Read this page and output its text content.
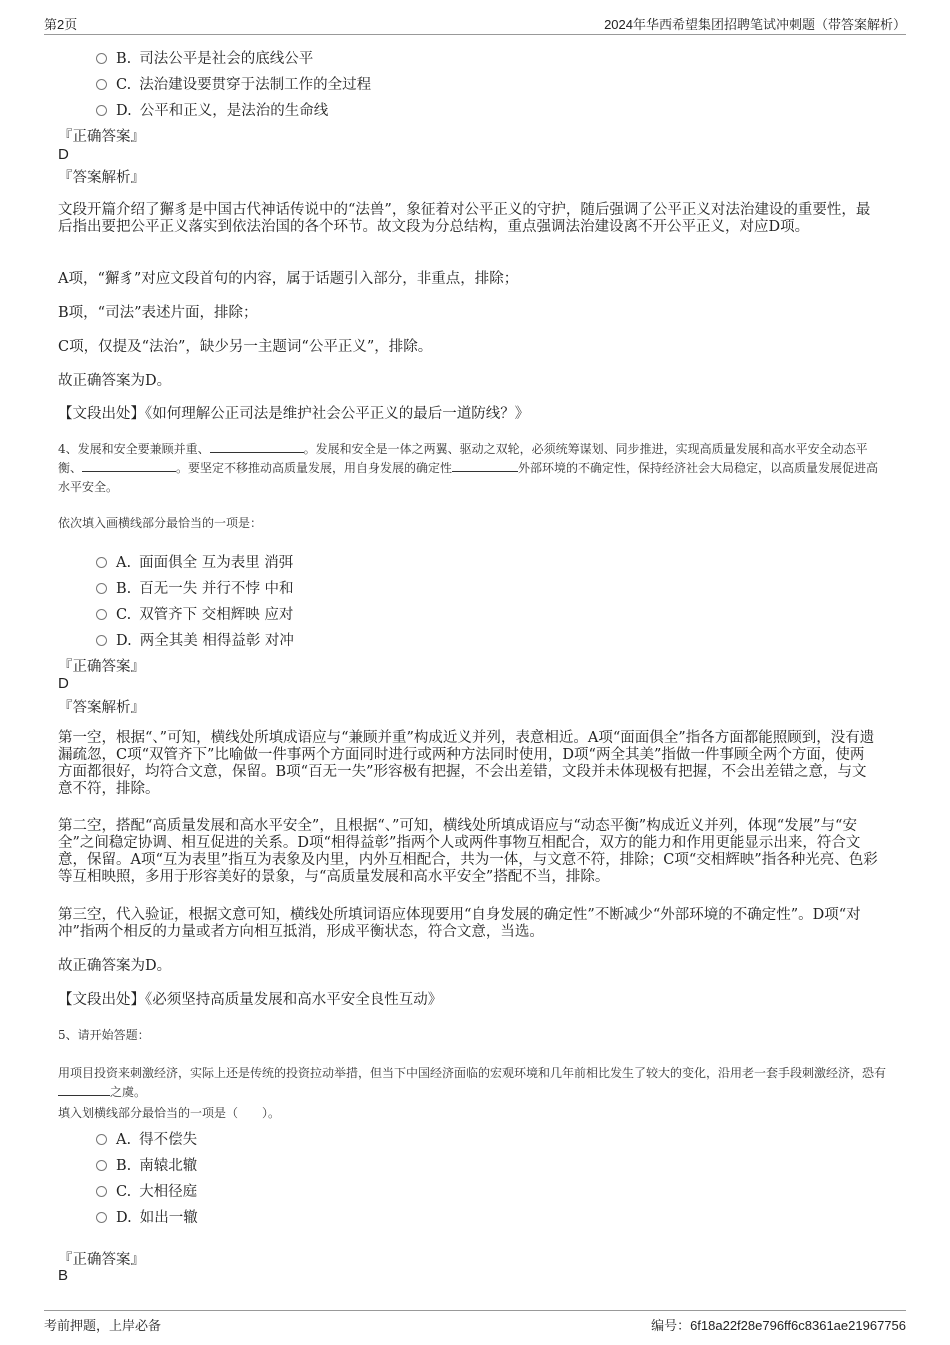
第2页	2024年华西希望集团招聘笔试冲刺题（带答案解析）
B. 司法公平是社会的底线公平
C. 法治建设要贯穿于法制工作的全过程
D. 公平和正义，是法治的生命线
『正确答案』
D
『答案解析』
文段开篇介绍了獬豸是中国古代神话传说中的“法兽”，象征着对公平正义的守护，随后强调了公平正义对法治建设的重要性，最后指出要把公平正义落实到依法治国的各个环节。故文段为分总结构，重点强调法治建设离不开公平正义，对应D项。
A项，“獬豸”对应文段首句的内容，属于话题引入部分，非重点，排除；
B项，“司法”表述片面，排除；
C项，仅提及“法治”，缺少另一主题词“公平正义”，排除。
故正确答案为D。
【文段出处】《如何理解公正司法是维护社会公平正义的最后一道防线？》
4、发展和安全要兼顾并重、	。发展和安全是一体之两翼、驱动之双轮，必须统筹谋划、同步推进，实现高质量发展和高水平安全动态平衡、	。要坚定不移推动高质量发展，用自身发展的确定性	外部环境的不确定性，保持经济社会大局稳定，以高质量发展促进高水平安全。
依次填入画横线部分最恰当的一项是：
A. 面面俱全 互为表里 消弭
B. 百无一失 并行不悖 中和
C. 双管齐下 交相辉映 应对
D. 两全其美 相得益彰 对冲
『正确答案』
D
『答案解析』
第一空，根据“、”可知，横线处所填成语应与“兼顾并重”构成近义并列，表意相近。A项“面面俱全”指各方面都能照顾到，没有遗漏疏忽，C项“双管齐下”比喻做一件事两个方面同时进行或两种方法同时使用，D项“两全其美”指做一件事顾全两个方面，使两方面都很好，均符合文意，保留。B项“百无一失”形容极有把握，不会出差错，文段并未体现极有把握，不会出差错之意，与文意不符，排除。
第二空，搭配“高质量发展和高水平安全”，且根据“、”可知，横线处所填成语应与“动态平衡”构成近义并列，体现“发展”与“安全”之间稳定协调、相互促进的关系。D项“相得益彰”指两个人或两件事物互相配合，双方的能力和作用更能显示出来，符合文意，保留。A项“互为表里”指互为表象及内里，内外互相配合，共为一体，与文意不符，排除；C项“交相辉映”指各种光亮、色彩等互相映照，多用于形容美好的景象，与“高质量发展和高水平安全”搭配不当，排除。
第三空，代入验证，根据文意可知，横线处所填词语应体现要用“自身发展的确定性”不断减少“外部环境的不确定性”。D项“对冲”指两个相反的力量或者方向相互抵消，形成平衡状态，符合文意，当选。
故正确答案为D。
【文段出处】《必须坚持高质量发展和高水平安全良性互动》
5、请开始答题：
用项目投资来刺激经济，实际上还是传统的投资拉动举措，但当下中国经济面临的宏观环境和几年前相比发生了较大的变化，沿用老一套手段刺激经济，恐有之虞。
填入划横线部分最恰当的一项是（　　）。
A. 得不偿失
B. 南辕北辙
C. 大相径庭
D. 如出一辙
『正确答案』
B
考前押题，上岸必备	编号：6f18a22f28e796ff6c8361ae21967756
